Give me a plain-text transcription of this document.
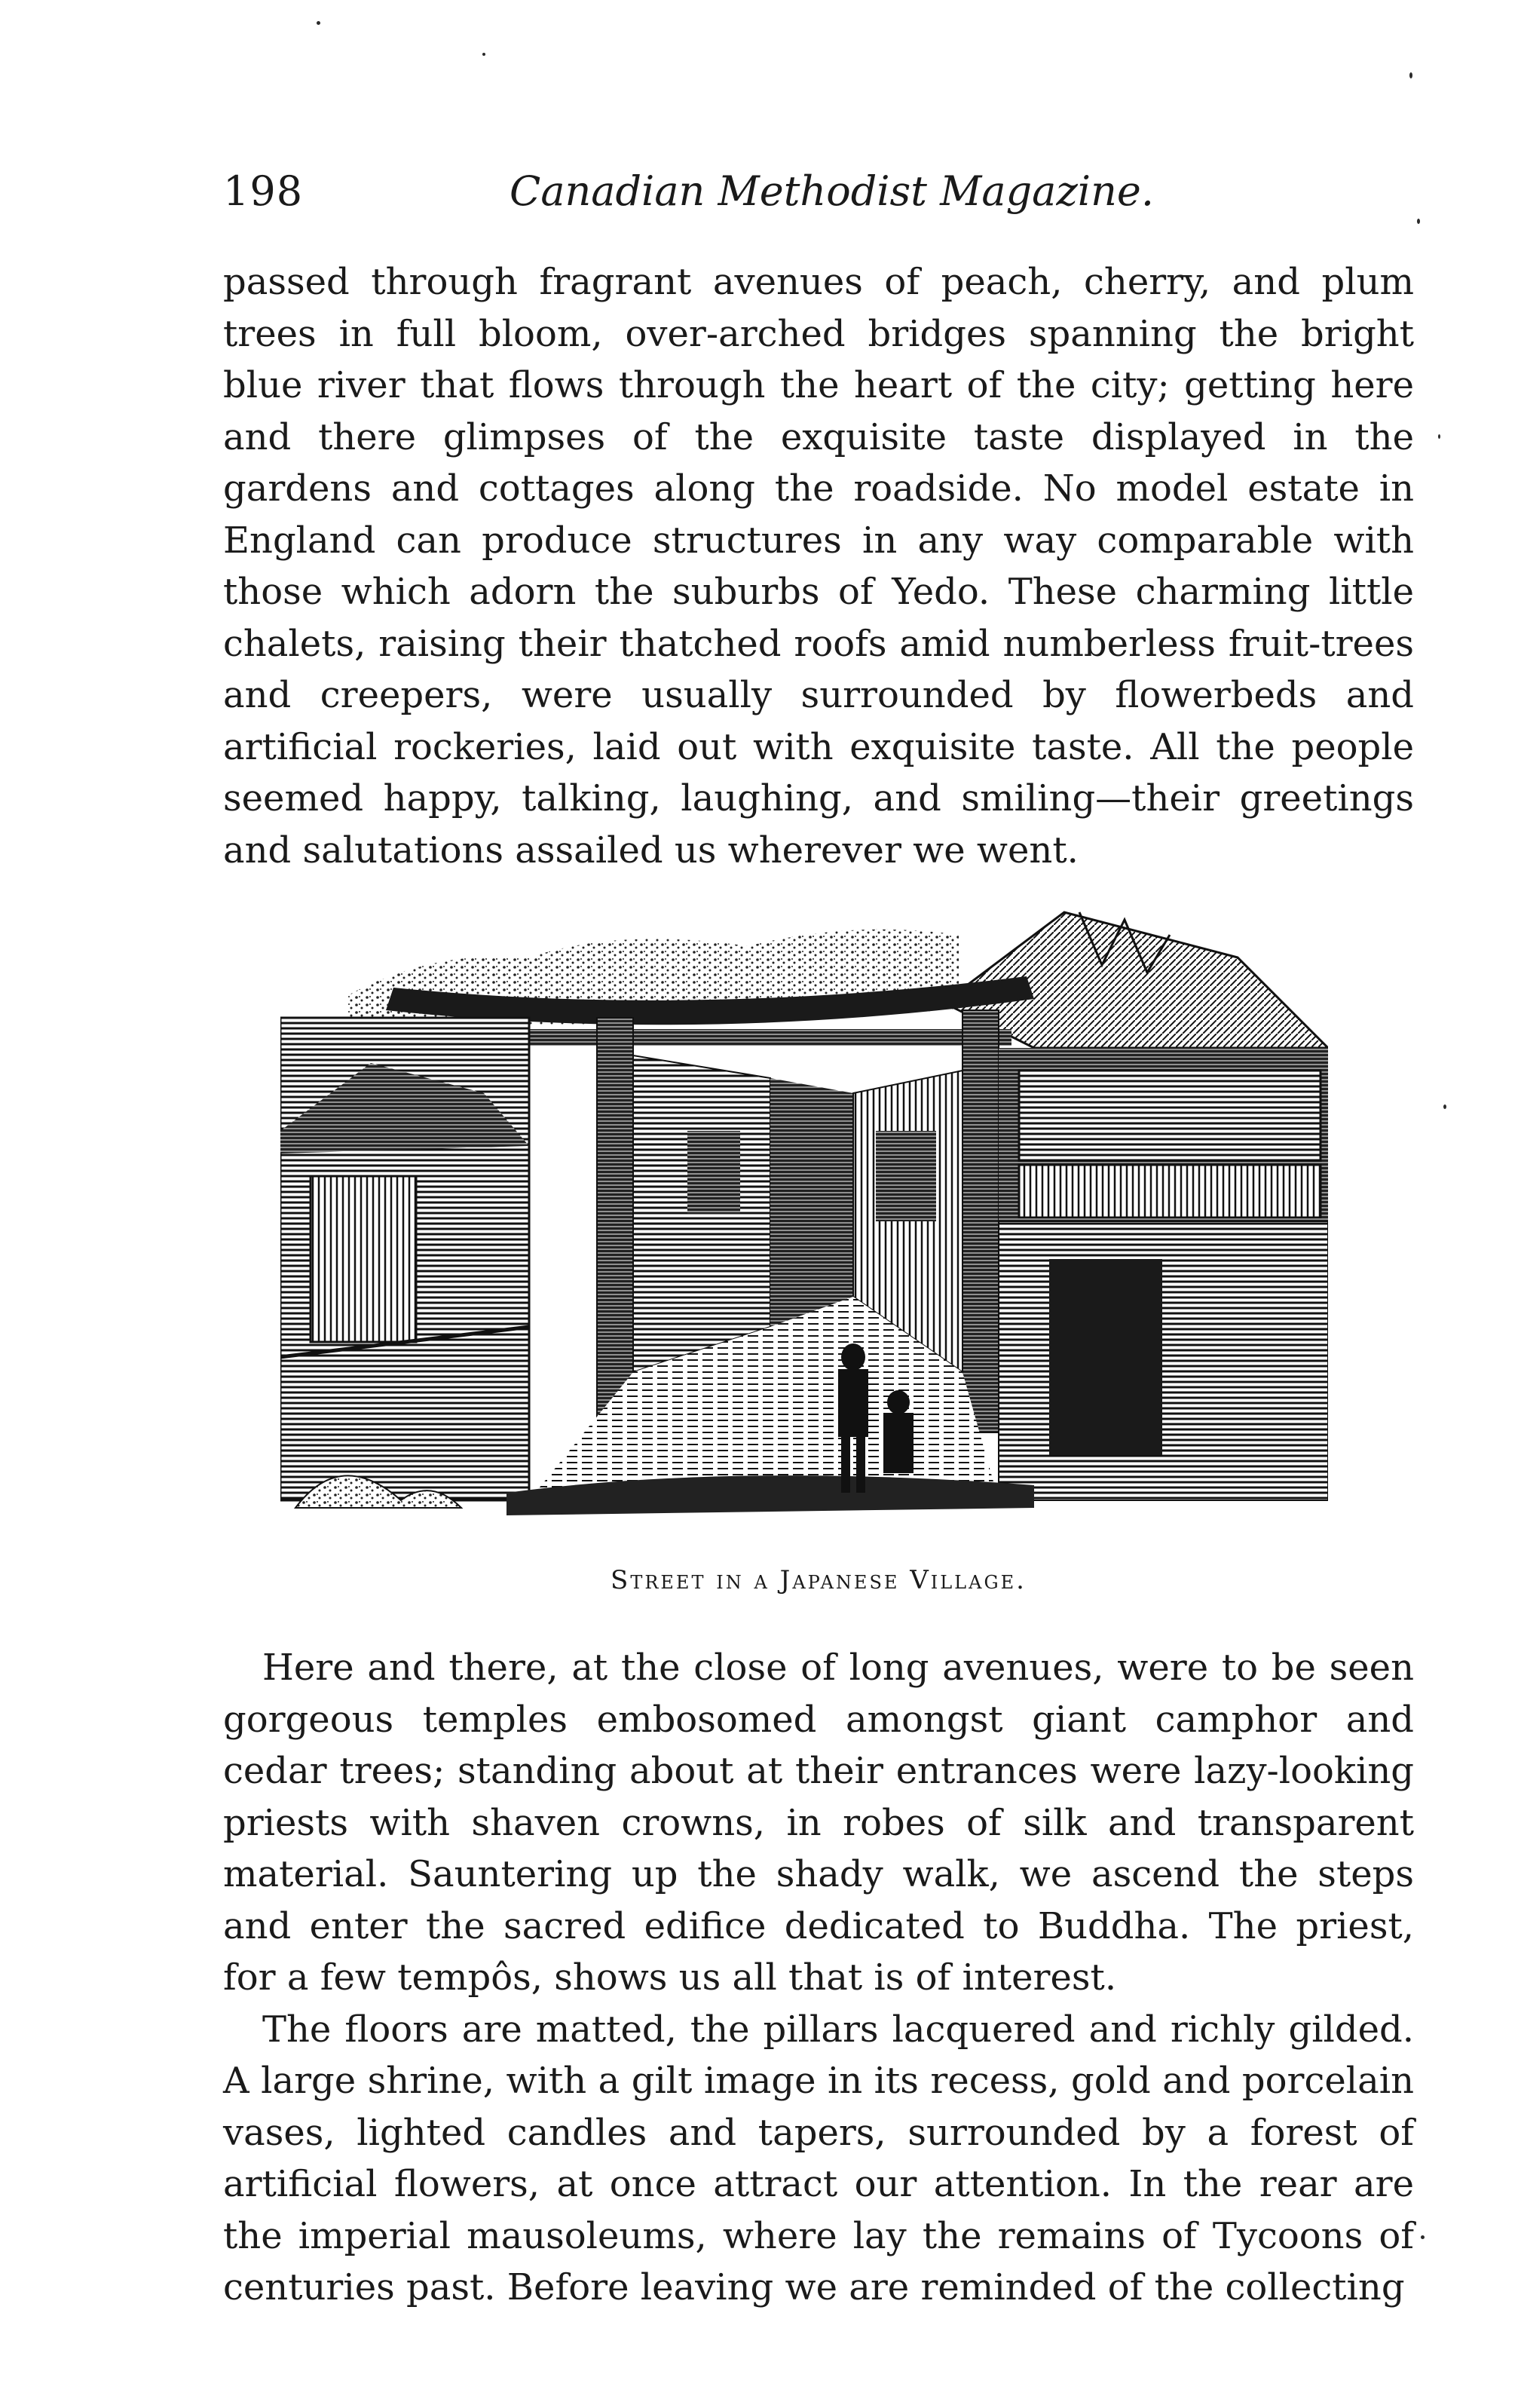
198	Canadian Methodist Magazine.

passed through fragrant avenues of peach, cherry, and plum trees in full bloom, over-arched bridges spanning the bright blue river that flows through the heart of the city; getting here and there glimpses of the exquisite taste displayed in the gardens and cottages along the roadside. No model estate in England can produce structures in any way comparable with those which adorn the suburbs of Yedo. These charming little chalets, raising their thatched roofs amid numberless fruit-trees and creepers, were usually surrounded by flowerbeds and artificial rockeries, laid out with exquisite taste. All the people seemed happy, talking, laughing, and smiling—their greetings and salutations assailed us wherever we went.

Street in a Japanese Village.

Here and there, at the close of long avenues, were to be seen gorgeous temples embosomed amongst giant camphor and cedar trees; standing about at their entrances were lazy-looking priests with shaven crowns, in robes of silk and transparent material. Sauntering up the shady walk, we ascend the steps and enter the sacred edifice dedicated to Buddha. The priest, for a few tempôs, shows us all that is of interest.

The floors are matted, the pillars lacquered and richly gilded. A large shrine, with a gilt image in its recess, gold and porcelain vases, lighted candles and tapers, surrounded by a forest of artificial flowers, at once attract our attention. In the rear are the imperial mausoleums, where lay the remains of Tycoons of centuries past. Before leaving we are reminded of the collecting
